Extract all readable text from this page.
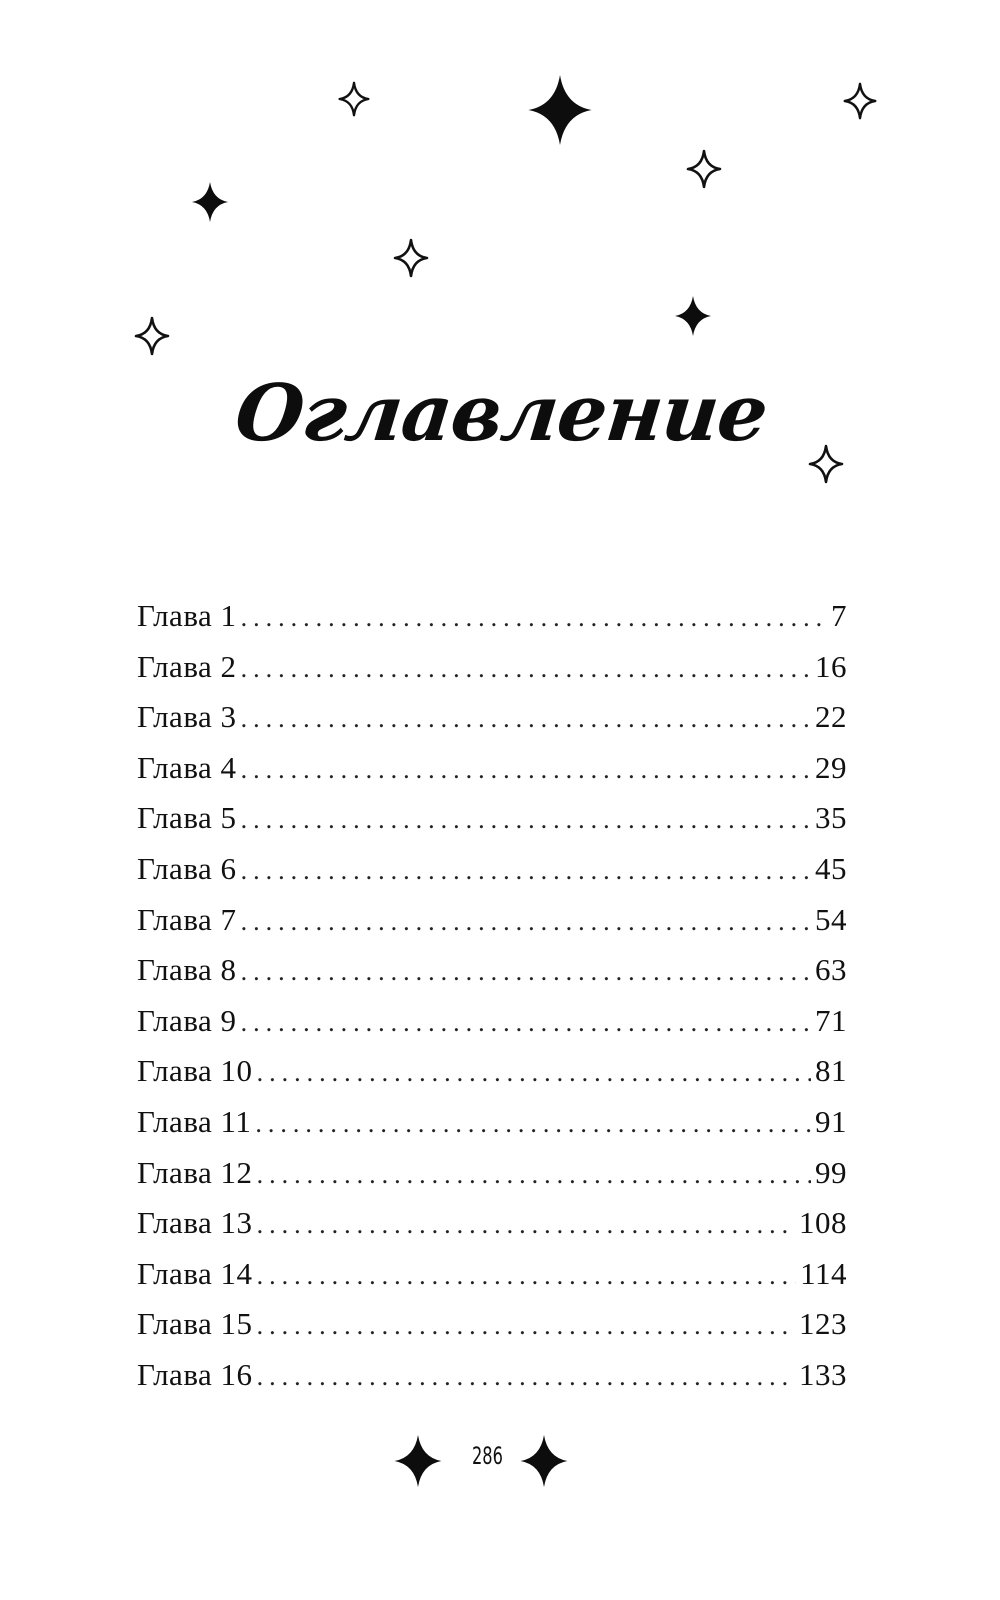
Оглавление
Глава 1 .....	7
Глава 2 .....	16
Глава 3 .....	22
Глава 4 .....	29
Глава 5 .....	35
Глава 6 .....	45
Глава 7 .....	54
Глава 8 .....	63
Глава 9 .....	71
Глава 10 .....	81
Глава 11 .....	91
Глава 12 .....	99
Глава 13 .....	108
Глава 14 .....	114
Глава 15 .....	123
Глава 16 .....	133
286
